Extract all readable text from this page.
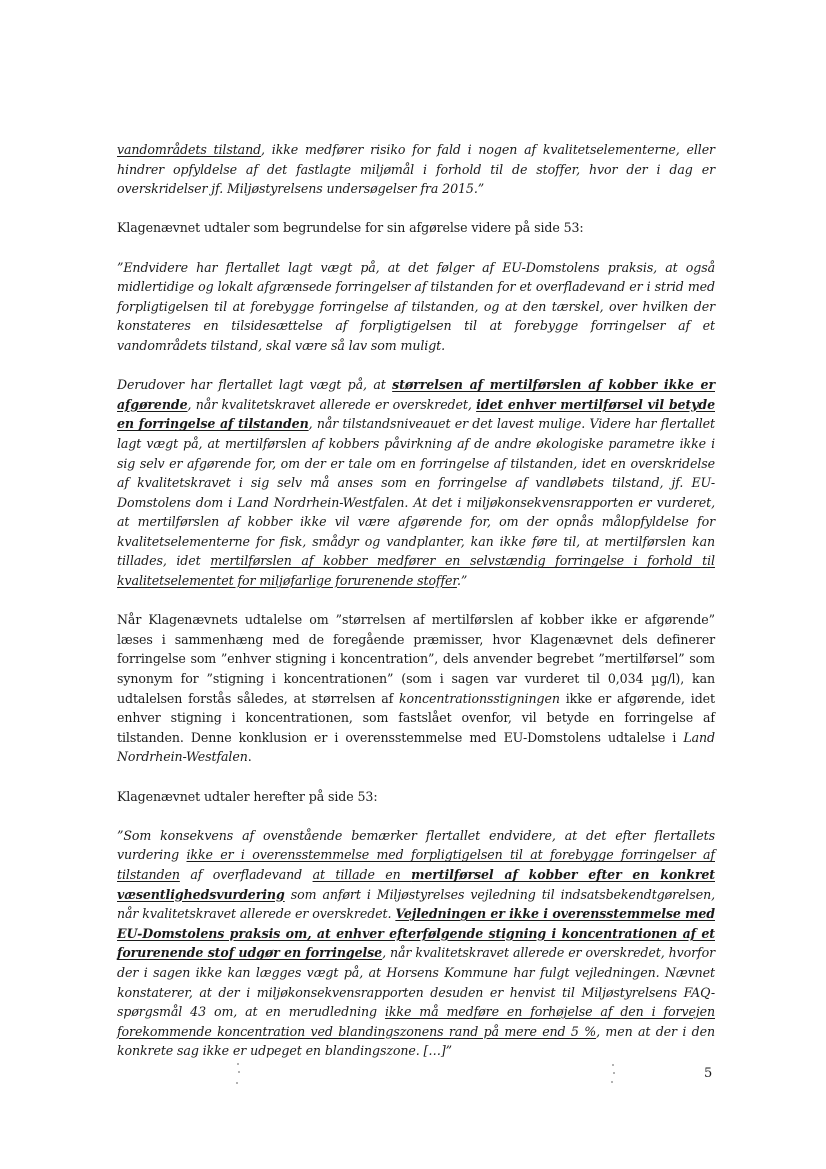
vandområdets tilstand, ikke medfører risiko for fald i nogen af kvalitetselementerne, eller hindrer opfyldelse af det fastlagte miljømål i forhold til de stoffer, hvor der i dag er overskridelser jf. Miljøstyrelsens undersøgelser fra 2015.”

Klagenævnet udtaler som begrundelse for sin afgørelse videre på side 53:

”Endvidere har flertallet lagt vægt på, at det følger af EU-Domstolens praksis, at også midlertidige og lokalt afgrænsede forringelser af tilstanden for et overfladevand er i strid med forpligtigelsen til at forebygge forringelse af tilstanden, og at den tærskel, over hvilken der konstateres en tilsidesættelse af forpligtigelsen til at forebygge forringelser af et vandområdets tilstand, skal være så lav som muligt.

Derudover har flertallet lagt vægt på, at størrelsen af mertilførslen af kobber ikke er afgørende, når kvalitetskravet allerede er overskredet, idet enhver mertilførsel vil betyde en forringelse af tilstanden, når tilstandsniveauet er det lavest mulige. Videre har flertallet lagt vægt på, at mertilførslen af kobbers påvirkning af de andre økologiske parametre ikke i sig selv er afgørende for, om der er tale om en forringelse af tilstanden, idet en overskridelse af kvalitetskravet i sig selv må anses som en forringelse af vandløbets tilstand, jf. EU-Domstolens dom i Land Nordrhein-Westfalen. At det i miljøkonsekvensrapporten er vurderet, at mertilførslen af kobber ikke vil være afgørende for, om der opnås målopfyldelse for kvalitetselementerne for fisk, smådyr og vandplanter, kan ikke føre til, at mertilførslen kan tillades, idet mertilførslen af kobber medfører en selvstændig forringelse i forhold til kvalitetselementet for miljøfarlige forurenende stoffer.”

Når Klagenævnets udtalelse om ”størrelsen af mertilførslen af kobber ikke er afgørende” læses i sammenhæng med de foregående præmisser, hvor Klagenævnet dels definerer forringelse som ”enhver stigning i koncentration”, dels anvender begrebet ”mertilførsel” som synonym for ”stigning i koncentrationen” (som i sagen var vurderet til 0,034 µg/l), kan udtalelsen forstås således, at størrelsen af koncentrationsstigningen ikke er afgørende, idet enhver stigning i koncentrationen, som fastslået ovenfor, vil betyde en forringelse af tilstanden. Denne konklusion er i overensstemmelse med EU-Domstolens udtalelse i Land Nordrhein-Westfalen.

Klagenævnet udtaler herefter på side 53:

”Som konsekvens af ovenstående bemærker flertallet endvidere, at det efter flertallets vurdering ikke er i overensstemmelse med forpligtigelsen til at forebygge forringelser af tilstanden af overfladevand at tillade en mertilførsel af kobber efter en konkret væsentlighedsvurdering som anført i Miljøstyrelses vejledning til indsatsbekendtgørelsen, når kvalitetskravet allerede er overskredet. Vejledningen er ikke i overensstemmelse med EU-Domstolens praksis om, at enhver efterfølgende stigning i koncentrationen af et forurenende stof udgør en forringelse, når kvalitetskravet allerede er overskredet, hvorfor der i sagen ikke kan lægges vægt på, at Horsens Kommune har fulgt vejledningen. Nævnet konstaterer, at der i miljøkonsekvensrapporten desuden er henvist til Miljøstyrelsens FAQ-spørgsmål 43 om, at en merudledning ikke må medføre en forhøjelse af den i forvejen forekommende koncentration ved blandingszonens rand på mere end 5 %, men at der i den konkrete sag ikke er udpeget en blandingszone. […]”

5
